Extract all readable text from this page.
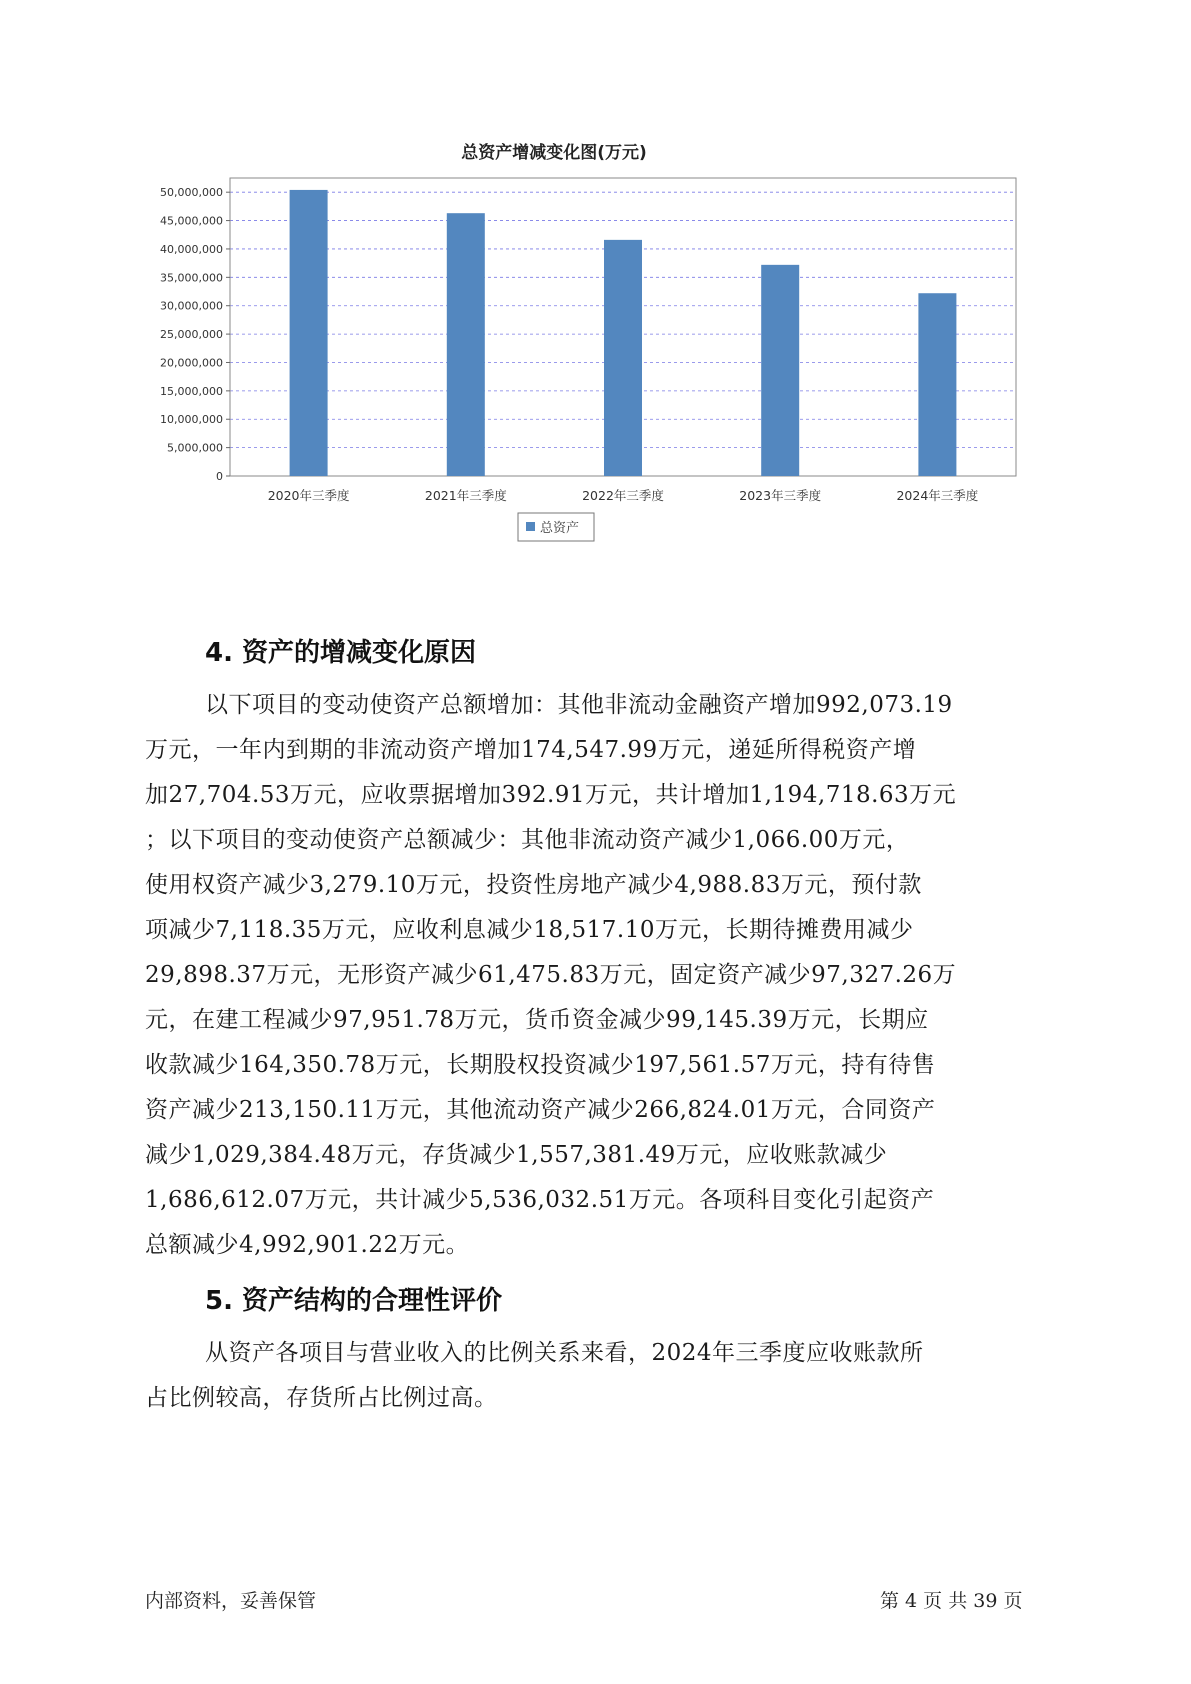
总资产增减变化图(万元)
0
5,000,000
10,000,000
15,000,000
20,000,000
25,000,000
30,000,000
35,000,000
40,000,000
45,000,000
50,000,000
2020年三季度	2021年三季度	2022年三季度	2023年三季度	2024年三季度
总资产
4. 资产的增减变化原因

以下项目的变动使资产总额增加：其他非流动金融资产增加992,073.19

万元，一年内到期的非流动资产增加174,547.99万元，递延所得税资产增

加27,704.53万元，应收票据增加392.91万元，共计增加1,194,718.63万元

；以下项目的变动使资产总额减少：其他非流动资产减少1,066.00万元，

使用权资产减少3,279.10万元，投资性房地产减少4,988.83万元，预付款

项减少7,118.35万元，应收利息减少18,517.10万元，长期待摊费用减少

29,898.37万元，无形资产减少61,475.83万元，固定资产减少97,327.26万

元，在建工程减少97,951.78万元，货币资金减少99,145.39万元，长期应

收款减少164,350.78万元，长期股权投资减少197,561.57万元，持有待售

资产减少213,150.11万元，其他流动资产减少266,824.01万元，合同资产

减少1,029,384.48万元，存货减少1,557,381.49万元，应收账款减少

1,686,612.07万元，共计减少5,536,032.51万元。各项科目变化引起资产

总额减少4,992,901.22万元。

5. 资产结构的合理性评价

从资产各项目与营业收入的比例关系来看，2024年三季度应收账款所

占比例较高，存货所占比例过高。

内部资料，妥善保管	第 4 页 共 39 页
